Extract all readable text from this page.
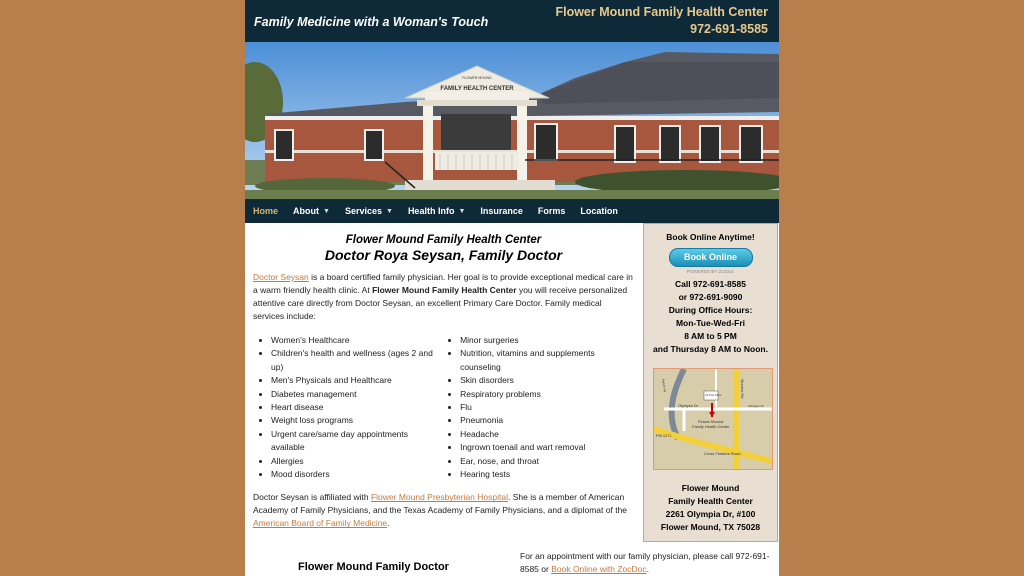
Family Medicine with a Woman's Touch
Flower Mound Family Health Center
972-691-8585
FAMILY HEALTH CENTER
FLOWER MOUND
Home About ▼ Services ▼ Health Info ▼ Insurance Forms Location
Flower Mound Family Health Center
Doctor Roya Seysan, Family Doctor

Doctor Seysan is a board certified family physician. Her goal is to provide exceptional medical care in a warm friendly health clinic. At Flower Mound Family Health Center you will receive personalized attentive care directly from Doctor Seysan, an excellent Primary Care Doctor. Family medical services include:

• Women's Healthcare
• Children's health and wellness (ages 2 and up)
• Men's Physicals and Healthcare
• Diabetes management
• Heart disease
• Weight loss programs
• Urgent care/same day appointments available
• Allergies
• Mood disorders
• Minor surgeries
• Nutrition, vitamins and supplements counseling
• Skin disorders
• Respiratory problems
• Flu
• Pneumonia
• Headache
• Ingrown toenail and wart removal
• Ear, nose, and throat
• Hearing tests

Doctor Seysan is affiliated with Flower Mound Presbyterian Hospital. She is a member of American Academy of Family Physicians, and the Texas Academy of Family Physicians, and a diplomat of the American Board of Family Medicine.

Flower Mound Family Doctor
For an appointment with our family physician, please call 972-691-8585 or Book Online with ZocDoc.
Book Online Anytime!
Book Online
POWERED BY ZocDoc
Call 972-691-8585
or 972-691-9090
During Office Hours:
Mon-Tue-Wed-Fri
8 AM to 5 PM
and Thursday 8 AM to Noon.
Olympia Dr
Morriss Rd
FM 1171
Cross Timbers Road
Arlington Dr
Parker Sq
US Post Office
Flower Mound
Family Health Center
Flower Mound
Family Health Center
2261 Olympia Dr, #100
Flower Mound, TX 75028
